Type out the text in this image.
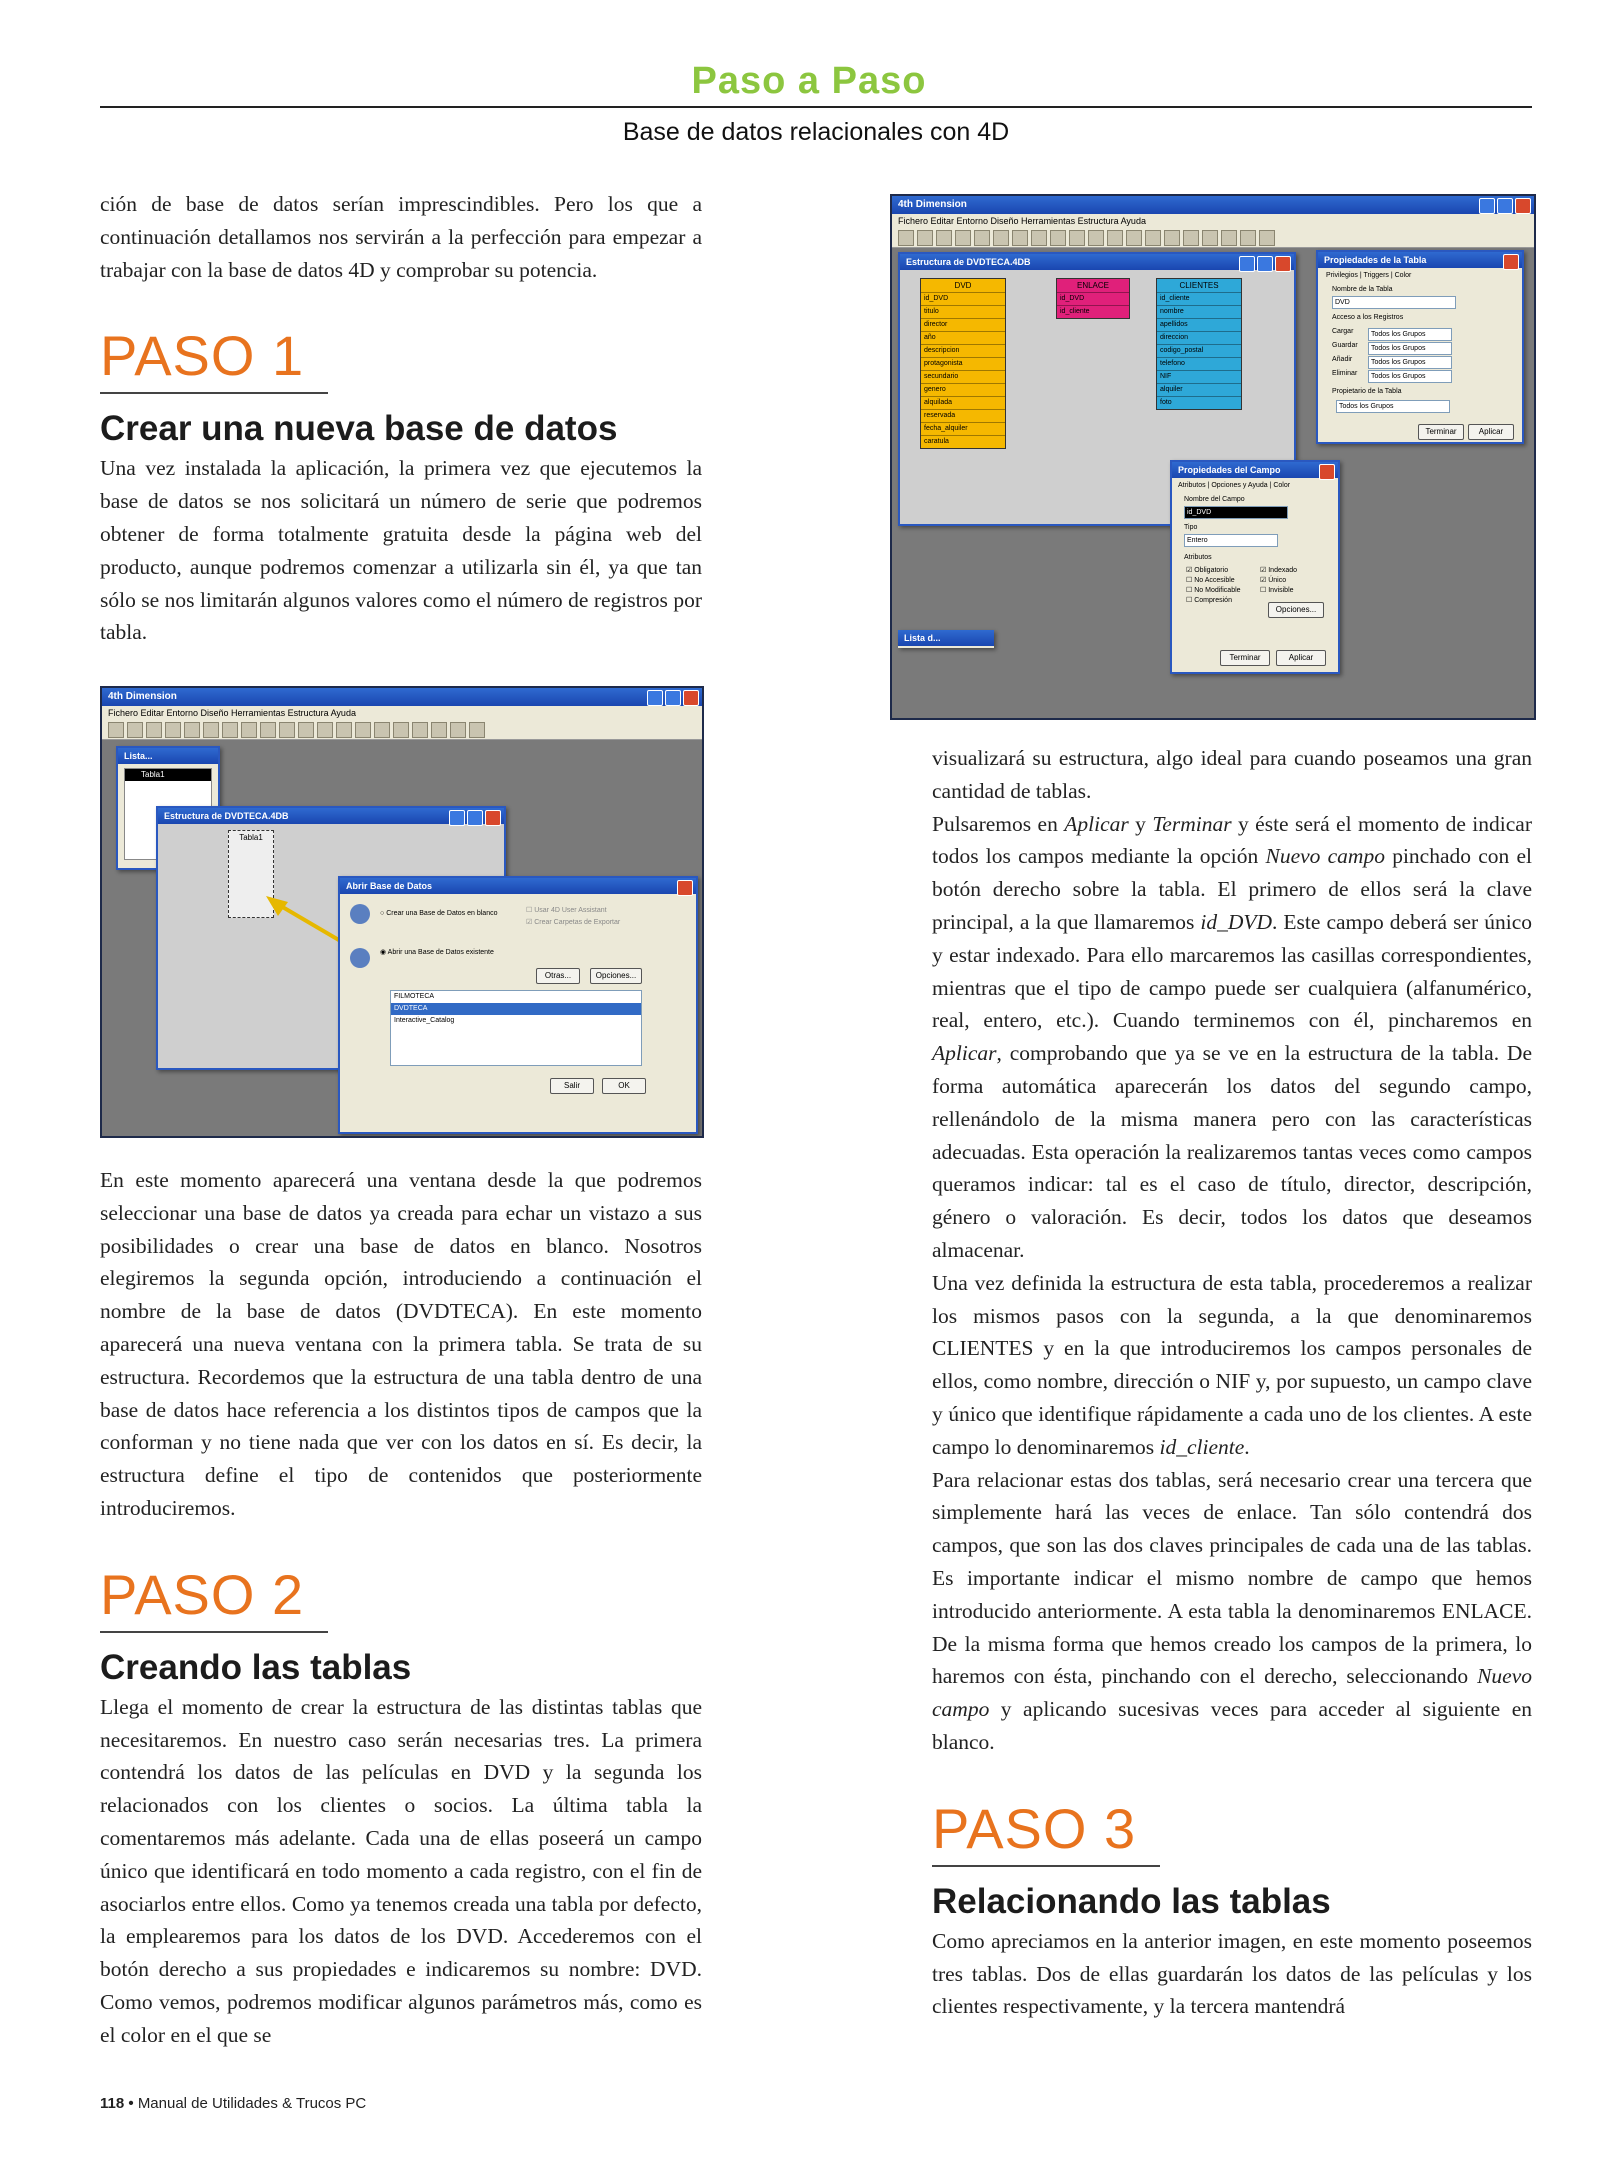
Paso a Paso
Base de datos relacionales con 4D

ción de base de datos serían imprescindibles. Pero los que a continuación detallamos nos servirán a la perfección para empezar a trabajar con la base de datos 4D y comprobar su potencia.

PASO 1
Crear una nueva base de datos

Una vez instalada la aplicación, la primera vez que ejecutemos la base de datos se nos solicitará un número de serie que podremos obtener de forma totalmente gratuita desde la página web del producto, aunque podremos comenzar a utilizarla sin él, ya que tan sólo se nos limitarán algunos valores como el número de registros por tabla.

4th Dimension
Fichero Editar Entorno Diseño Herramientas Estructura Ayuda
Lista...
Tabla1
Estructura de DVDTECA.4DB
Tabla1
Abrir Base de Datos
○ Crear una Base de Datos en blanco	☐ Usar 4D User Assistant
☑ Crear Carpetas de Exportar
◉ Abrir una Base de Datos existente
Otras...	Opciones...
FILMOTECA
DVDTECA
Interactive_Catalog
Salir	OK

En este momento aparecerá una ventana desde la que podremos seleccionar una base de datos ya creada para echar un vistazo a sus posibilidades o crear una base de datos en blanco. Nosotros elegiremos la segunda opción, introduciendo a continuación el nombre de la base de datos (DVDTECA). En este momento aparecerá una nueva ventana con la primera tabla. Se trata de su estructura. Recordemos que la estructura de una tabla dentro de una base de datos hace referencia a los distintos tipos de campos que la conforman y no tiene nada que ver con los datos en sí. Es decir, la estructura define el tipo de contenidos que posteriormente introduciremos.

PASO 2
Creando las tablas

Llega el momento de crear la estructura de las distintas tablas que necesitaremos. En nuestro caso serán necesarias tres. La primera contendrá los datos de las películas en DVD y la segunda los relacionados con los clientes o socios. La última tabla la comentaremos más adelante. Cada una de ellas poseerá un campo único que identificará en todo momento a cada registro, con el fin de asociarlos entre ellos. Como ya tenemos creada una tabla por defecto, la emplearemos para los datos de los DVD. Accederemos con el botón derecho a sus propiedades e indicaremos su nombre: DVD. Como vemos, podremos modificar algunos parámetros más, como es el color en el que se

4th Dimension
Fichero Editar Entorno Diseño Herramientas Estructura Ayuda
Estructura de DVDTECA.4DB
DVD
id_DVD
titulo
director
año
descripcion
protagonista
secundario
genero
alquilada
reservada
fecha_alquiler
caratula
ENLACE
id_DVD
id_cliente
CLIENTES
id_cliente
nombre
apellidos
direccion
codigo_postal
telefono
NIF
alquiler
foto
Propiedades de la Tabla
Privilegios | Triggers | Color
Nombre de la Tabla
DVD
Acceso a los Registros
Cargar	Todos los Grupos
Guardar	Todos los Grupos
Añadir	Todos los Grupos
Eliminar	Todos los Grupos
Propietario de la Tabla
Todos los Grupos
Terminar	Aplicar
Propiedades del Campo
Atributos | Opciones y Ayuda | Color
Nombre del Campo
id_DVD
Tipo
Entero
Atributos
☑ Obligatorio
☐ No Accesible
☐ No Modificable
☐ Compresión
☑ Indexado
☑ Único
☐ Invisible
Opciones...
Terminar	Aplicar
Lista d...

visualizará su estructura, algo ideal para cuando poseamos una gran cantidad de tablas.

Pulsaremos en Aplicar y Terminar y éste será el momento de indicar todos los campos mediante la opción Nuevo campo pinchado con el botón derecho sobre la tabla. El primero de ellos será la clave principal, a la que llamaremos id_DVD. Este campo deberá ser único y estar indexado. Para ello marcaremos las casillas correspondientes, mientras que el tipo de campo puede ser cualquiera (alfanumérico, real, entero, etc.). Cuando terminemos con él, pincharemos en Aplicar, comprobando que ya se ve en la estructura de la tabla. De forma automática aparecerán los datos del segundo campo, rellenándolo de la misma manera pero con las características adecuadas. Esta operación la realizaremos tantas veces como campos queramos indicar: tal es el caso de título, director, descripción, género o valoración. Es decir, todos los datos que deseamos almacenar.

Una vez definida la estructura de esta tabla, procederemos a realizar los mismos pasos con la segunda, a la que denominaremos CLIENTES y en la que introduciremos los campos personales de ellos, como nombre, dirección o NIF y, por supuesto, un campo clave y único que identifique rápidamente a cada uno de los clientes. A este campo lo denominaremos id_cliente.

Para relacionar estas dos tablas, será necesario crear una tercera que simplemente hará las veces de enlace. Tan sólo contendrá dos campos, que son las dos claves principales de cada una de las tablas. Es importante indicar el mismo nombre de campo que hemos introducido anteriormente. A esta tabla la denominaremos ENLACE. De la misma forma que hemos creado los campos de la primera, lo haremos con ésta, pinchando con el derecho, seleccionando Nuevo campo y aplicando sucesivas veces para acceder al siguiente en blanco.

PASO 3
Relacionando las tablas

Como apreciamos en la anterior imagen, en este momento poseemos tres tablas. Dos de ellas guardarán los datos de las películas y los clientes respectivamente, y la tercera mantendrá

118 • Manual de Utilidades & Trucos PC
